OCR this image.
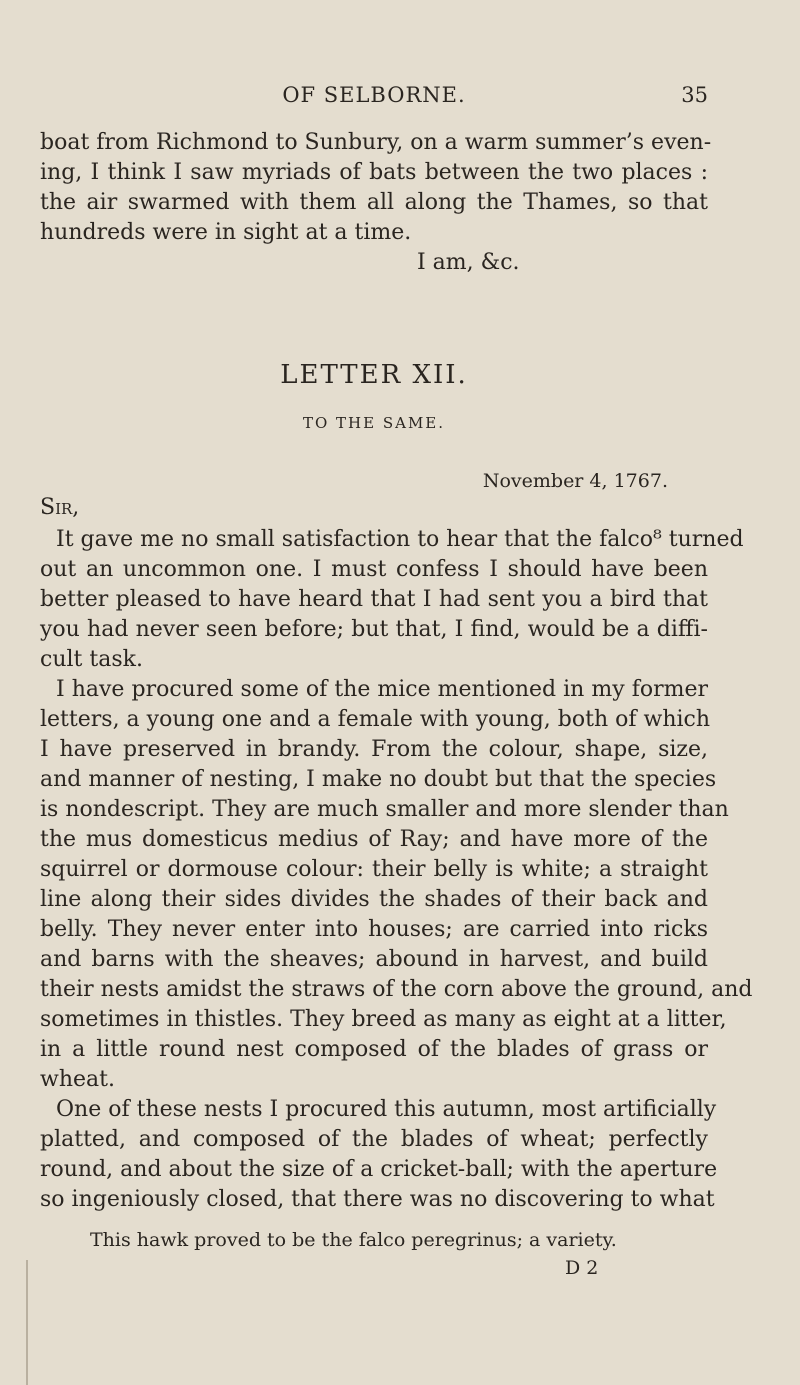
OF SELBORNE.	35
boat from Richmond to Sunbury, on a warm summer’s even-
ing, I think I saw myriads of bats between the two places :
the air swarmed with them all along the Thames, so that
hundreds were in sight at a time.
I am, &c.
LETTER XII.
TO THE SAME.
November 4, 1767.
Sir,
It gave me no small satisfaction to hear that the falco⁸ turned
out an uncommon one. I must confess I should have been
better pleased to have heard that I had sent you a bird that
you had never seen before; but that, I find, would be a diffi-
cult task.
I have procured some of the mice mentioned in my former
letters, a young one and a female with young, both of which
I have preserved in brandy. From the colour, shape, size,
and manner of nesting, I make no doubt but that the species
is nondescript. They are much smaller and more slender than
the mus domesticus medius of Ray; and have more of the
squirrel or dormouse colour: their belly is white; a straight
line along their sides divides the shades of their back and
belly. They never enter into houses; are carried into ricks
and barns with the sheaves; abound in harvest, and build
their nests amidst the straws of the corn above the ground, and
sometimes in thistles. They breed as many as eight at a litter,
in a little round nest composed of the blades of grass or
wheat.
One of these nests I procured this autumn, most artificially
platted, and composed of the blades of wheat; perfectly
round, and about the size of a cricket-ball; with the aperture
so ingeniously closed, that there was no discovering to what
This hawk proved to be the falco peregrinus; a variety.
D 2
